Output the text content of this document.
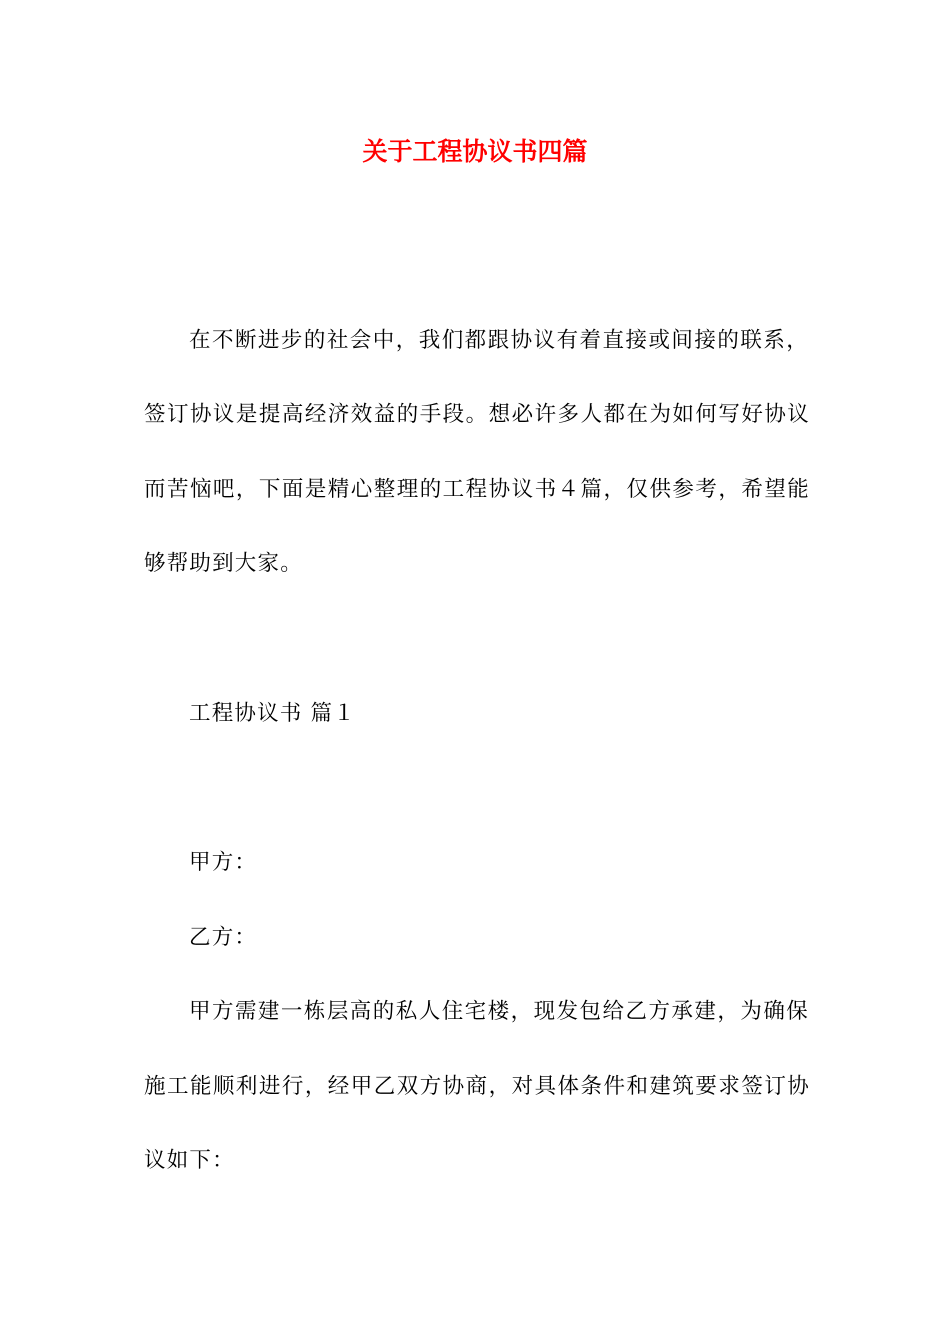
关于工程协议书四篇
在不断进步的社会中，我们都跟协议有着直接或间接的联系，
签订协议是提高经济效益的手段。想必许多人都在为如何写好协议
而苦恼吧，下面是精心整理的工程协议书４篇，仅供参考，希望能
够帮助到大家。
工程协议书 篇１
甲方：
乙方：
甲方需建一栋层高的私人住宅楼，现发包给乙方承建，为确保
施工能顺利进行，经甲乙双方协商，对具体条件和建筑要求签订协
议如下：
